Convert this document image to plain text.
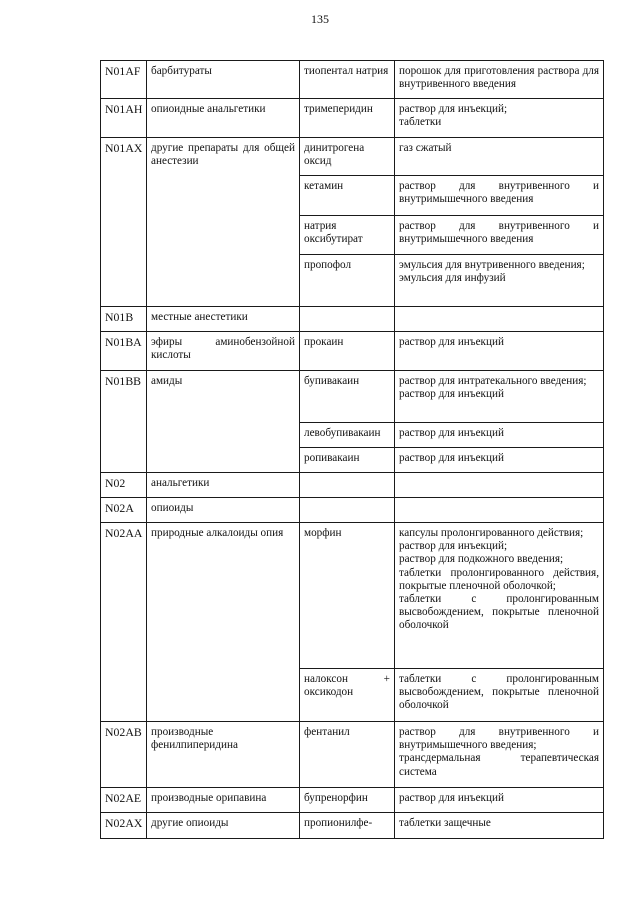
135
N01AF	барбитураты	тиопентал натрия	порошок для приготовления раствора для внутривенного введения

N01AH	опиоидные анальгетики	тримеперидин	раствор для инъекций;
таблетки

N01AX	другие препараты для общей анестезии	динитрогена оксид	газ сжатый

		кетамин	раствор для внутривенного и внутримышечного введения

		натрия оксибутират	раствор для внутривенного и внутримышечного введения

		пропофол	эмульсия для внутривенного введения;
эмульсия для инфузий

N01B	местные анестетики		
N01BA	эфиры аминобензойной кислоты	прокаин	раствор для инъекций

N01BB	амиды	бупивакаин	раствор для интратекального введения;
раствор для инъекций

		левобупивакаин	раствор для инъекций

		ропивакаин	раствор для инъекций

N02	анальгетики		
N02A	опиоиды		
N02AA	природные алкалоиды опия	морфин	капсулы пролонгированного действия;
раствор для инъекций;
раствор для подкожного введения;
таблетки пролонгированного действия, покрытые пленочной оболочкой;
таблетки с пролонгированным высвобождением, покрытые пленочной оболочкой

		налоксон + оксикодон	таблетки с пролонгированным высвобождением, покрытые пленочной оболочкой

N02AB	производные фенилпиперидина	фентанил	раствор для внутривенного и внутримышечного введения;
трансдермальная терапевтическая система

N02AE	производные орипавина	бупренорфин	раствор для инъекций

N02AX	другие опиоиды	пропионилфе-	таблетки защечные
